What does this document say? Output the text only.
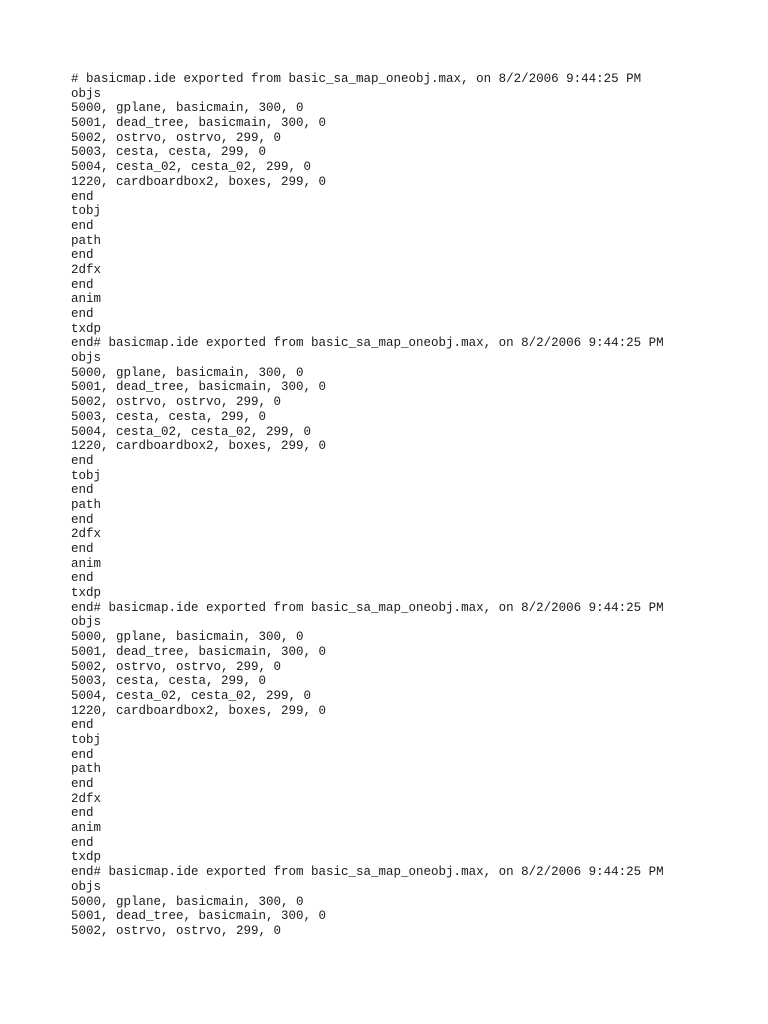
# basicmap.ide exported from basic_sa_map_oneobj.max, on 8/2/2006 9:44:25 PM
objs
5000, gplane, basicmain, 300, 0
5001, dead_tree, basicmain, 300, 0
5002, ostrvo, ostrvo, 299, 0
5003, cesta, cesta, 299, 0
5004, cesta_02, cesta_02, 299, 0
1220, cardboardbox2, boxes, 299, 0
end
tobj
end
path
end
2dfx
end
anim
end
txdp
end# basicmap.ide exported from basic_sa_map_oneobj.max, on 8/2/2006 9:44:25 PM
objs
5000, gplane, basicmain, 300, 0
5001, dead_tree, basicmain, 300, 0
5002, ostrvo, ostrvo, 299, 0
5003, cesta, cesta, 299, 0
5004, cesta_02, cesta_02, 299, 0
1220, cardboardbox2, boxes, 299, 0
end
tobj
end
path
end
2dfx
end
anim
end
txdp
end# basicmap.ide exported from basic_sa_map_oneobj.max, on 8/2/2006 9:44:25 PM
objs
5000, gplane, basicmain, 300, 0
5001, dead_tree, basicmain, 300, 0
5002, ostrvo, ostrvo, 299, 0
5003, cesta, cesta, 299, 0
5004, cesta_02, cesta_02, 299, 0
1220, cardboardbox2, boxes, 299, 0
end
tobj
end
path
end
2dfx
end
anim
end
txdp
end# basicmap.ide exported from basic_sa_map_oneobj.max, on 8/2/2006 9:44:25 PM
objs
5000, gplane, basicmain, 300, 0
5001, dead_tree, basicmain, 300, 0
5002, ostrvo, ostrvo, 299, 0
